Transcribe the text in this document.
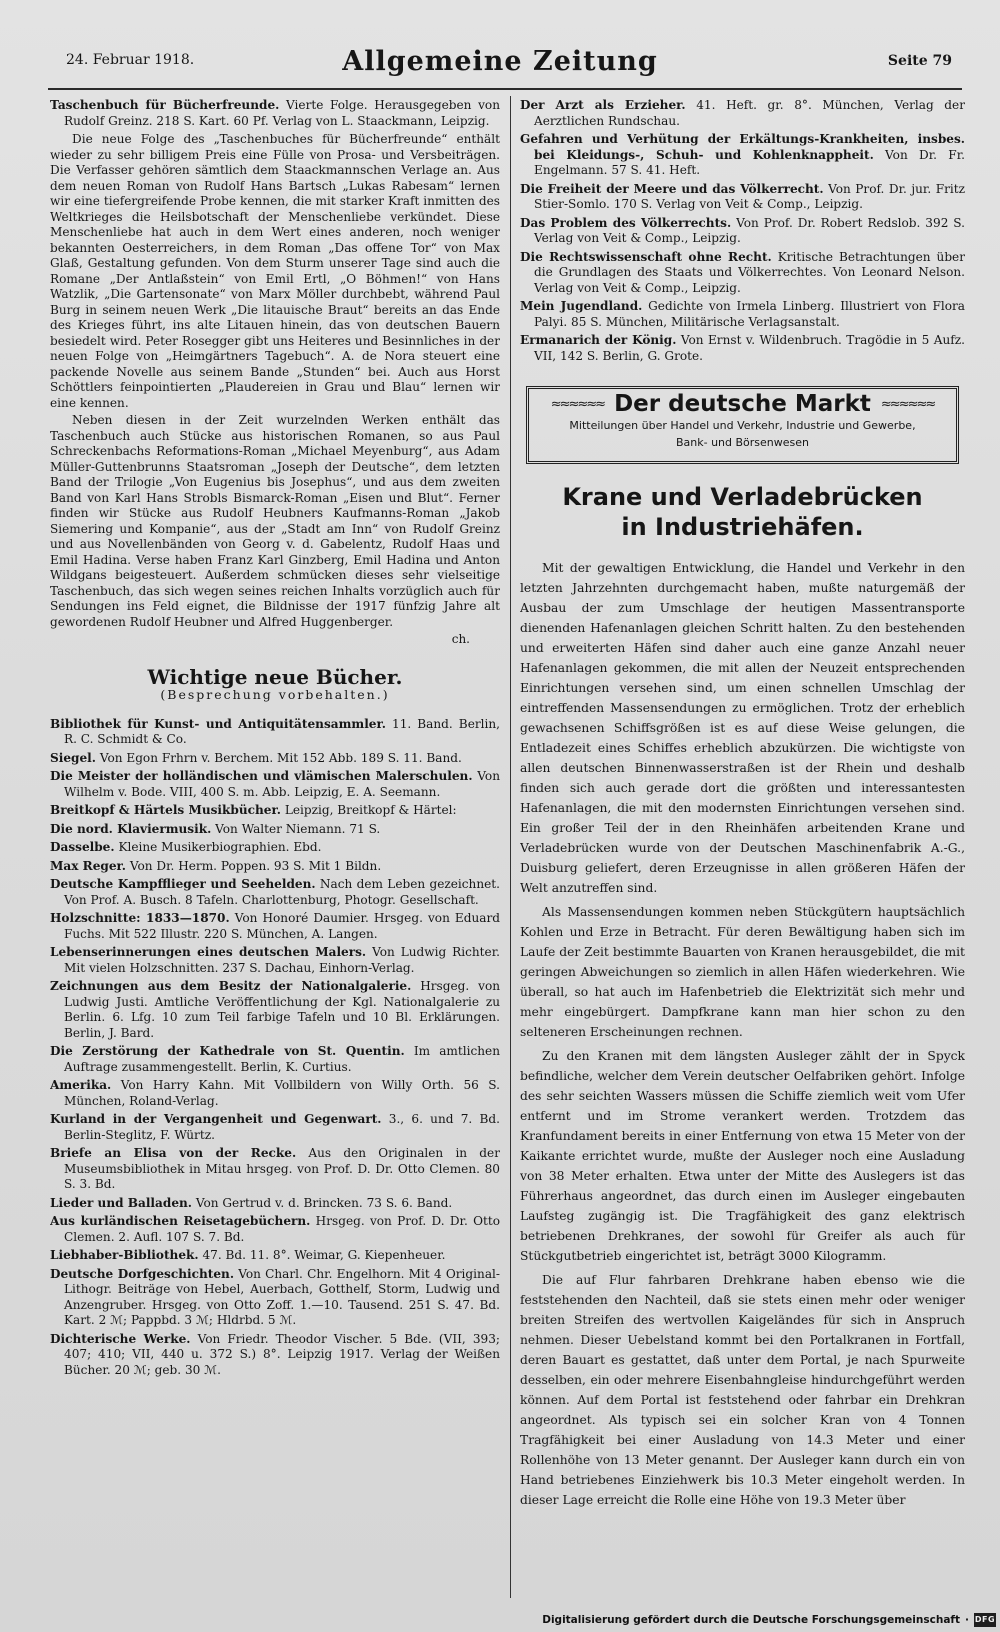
24. Februar 1918.	Allgemeine Zeitung	Seite 79

Taschenbuch für Bücherfreunde. Vierte Folge. Herausgegeben von Rudolf Greinz. 218 S. Kart. 60 Pf. Verlag von L. Staackmann, Leipzig.

Die neue Folge des „Taschenbuches für Bücherfreunde“ enthält wieder zu sehr billigem Preis eine Fülle von Prosa- und Versbeiträgen. Die Verfasser gehören sämtlich dem Staackmannschen Verlage an. Aus dem neuen Roman von Rudolf Hans Bartsch „Lukas Rabesam“ lernen wir eine tiefergreifende Probe kennen, die mit starker Kraft inmitten des Weltkrieges die Heilsbotschaft der Menschenliebe verkündet. Diese Menschenliebe hat auch in dem Wert eines anderen, noch weniger bekannten Oesterreichers, in dem Roman „Das offene Tor“ von Max Glaß, Gestaltung gefunden. Von dem Sturm unserer Tage sind auch die Romane „Der Antlaßstein“ von Emil Ertl, „O Böhmen!“ von Hans Watzlik, „Die Gartensonate“ von Marx Möller durchbebt, während Paul Burg in seinem neuen Werk „Die litauische Braut“ bereits an das Ende des Krieges führt, ins alte Litauen hinein, das von deutschen Bauern besiedelt wird. Peter Rosegger gibt uns Heiteres und Besinnliches in der neuen Folge von „Heimgärtners Tagebuch“. A. de Nora steuert eine packende Novelle aus seinem Bande „Stunden“ bei. Auch aus Horst Schöttlers feinpointierten „Plaudereien in Grau und Blau“ lernen wir eine kennen.

Neben diesen in der Zeit wurzelnden Werken enthält das Taschenbuch auch Stücke aus historischen Romanen, so aus Paul Schreckenbachs Reformations-Roman „Michael Meyenburg“, aus Adam Müller-Guttenbrunns Staatsroman „Joseph der Deutsche“, dem letzten Band der Trilogie „Von Eugenius bis Josephus“, und aus dem zweiten Band von Karl Hans Strobls Bismarck-Roman „Eisen und Blut“. Ferner finden wir Stücke aus Rudolf Heubners Kaufmanns-Roman „Jakob Siemering und Kompanie“, aus der „Stadt am Inn“ von Rudolf Greinz und aus Novellenbänden von Georg v. d. Gabelentz, Rudolf Haas und Emil Hadina. Verse haben Franz Karl Ginzberg, Emil Hadina und Anton Wildgans beigesteuert. Außerdem schmücken dieses sehr vielseitige Taschenbuch, das sich wegen seines reichen Inhalts vorzüglich auch für Sendungen ins Feld eignet, die Bildnisse der 1917 fünfzig Jahre alt gewordenen Rudolf Heubner und Alfred Huggenberger.

ch.
Wichtige neue Bücher.
(Besprechung vorbehalten.)

Bibliothek für Kunst- und Antiquitätensammler. 11. Band. Berlin, R. C. Schmidt & Co.

Siegel. Von Egon Frhrn v. Berchem. Mit 152 Abb. 189 S. 11. Band.

Die Meister der holländischen und vlämischen Malerschulen. Von Wilhelm v. Bode. VIII, 400 S. m. Abb. Leipzig, E. A. Seemann.

Breitkopf & Härtels Musikbücher. Leipzig, Breitkopf & Härtel:

Die nord. Klaviermusik. Von Walter Niemann. 71 S.

Dasselbe. Kleine Musikerbiographien. Ebd.

Max Reger. Von Dr. Herm. Poppen. 93 S. Mit 1 Bildn.

Deutsche Kampfflieger und Seehelden. Nach dem Leben gezeichnet. Von Prof. A. Busch. 8 Tafeln. Charlottenburg, Photogr. Gesellschaft.

Holzschnitte: 1833—1870. Von Honoré Daumier. Hrsgeg. von Eduard Fuchs. Mit 522 Illustr. 220 S. München, A. Langen.

Lebenserinnerungen eines deutschen Malers. Von Ludwig Richter. Mit vielen Holzschnitten. 237 S. Dachau, Einhorn-Verlag.

Zeichnungen aus dem Besitz der Nationalgalerie. Hrsgeg. von Ludwig Justi. Amtliche Veröffentlichung der Kgl. Nationalgalerie zu Berlin. 6. Lfg. 10 zum Teil farbige Tafeln und 10 Bl. Erklärungen. Berlin, J. Bard.

Die Zerstörung der Kathedrale von St. Quentin. Im amtlichen Auftrage zusammengestellt. Berlin, K. Curtius.

Amerika. Von Harry Kahn. Mit Vollbildern von Willy Orth. 56 S. München, Roland-Verlag.

Kurland in der Vergangenheit und Gegenwart. 3., 6. und 7. Bd. Berlin-Steglitz, F. Würtz.

Briefe an Elisa von der Recke. Aus den Originalen in der Museumsbibliothek in Mitau hrsgeg. von Prof. D. Dr. Otto Clemen. 80 S. 3. Bd.

Lieder und Balladen. Von Gertrud v. d. Brincken. 73 S. 6. Band.

Aus kurländischen Reisetagebüchern. Hrsgeg. von Prof. D. Dr. Otto Clemen. 2. Aufl. 107 S. 7. Bd.

Liebhaber-Bibliothek. 47. Bd. 11. 8°. Weimar, G. Kiepenheuer.

Deutsche Dorfgeschichten. Von Charl. Chr. Engelhorn. Mit 4 Original-Lithogr. Beiträge von Hebel, Auerbach, Gotthelf, Storm, Ludwig und Anzengruber. Hrsgeg. von Otto Zoff. 1.—10. Tausend. 251 S. 47. Bd. Kart. 2 ℳ; Pappbd. 3 ℳ; Hldrbd. 5 ℳ.

Dichterische Werke. Von Friedr. Theodor Vischer. 5 Bde. (VII, 393; 407; 410; VII, 440 u. 372 S.) 8°. Leipzig 1917. Verlag der Weißen Bücher. 20 ℳ; geb. 30 ℳ.

Der Arzt als Erzieher. 41. Heft. gr. 8°. München, Verlag der Aerztlichen Rundschau.

Gefahren und Verhütung der Erkältungs-Krankheiten, insbes. bei Kleidungs-, Schuh- und Kohlenknappheit. Von Dr. Fr. Engelmann. 57 S. 41. Heft.

Die Freiheit der Meere und das Völkerrecht. Von Prof. Dr. jur. Fritz Stier-Somlo. 170 S. Verlag von Veit & Comp., Leipzig.

Das Problem des Völkerrechts. Von Prof. Dr. Robert Redslob. 392 S. Verlag von Veit & Comp., Leipzig.

Die Rechtswissenschaft ohne Recht. Kritische Betrachtungen über die Grundlagen des Staats und Völkerrechtes. Von Leonard Nelson. Verlag von Veit & Comp., Leipzig.

Mein Jugendland. Gedichte von Irmela Linberg. Illustriert von Flora Palyi. 85 S. München, Militärische Verlagsanstalt.

Ermanarich der König. Von Ernst v. Wildenbruch. Tragödie in 5 Aufz. VII, 142 S. Berlin, G. Grote.

≈≈≈≈≈≈ Der deutsche Markt ≈≈≈≈≈≈
Mitteilungen über Handel und Verkehr, Industrie und Gewerbe,
Bank- und Börsenwesen
Krane und Verladebrücken
in Industriehäfen.

Mit der gewaltigen Entwicklung, die Handel und Verkehr in den letzten Jahrzehnten durchgemacht haben, mußte naturgemäß der Ausbau der zum Umschlage der heutigen Massentransporte dienenden Hafenanlagen gleichen Schritt halten. Zu den bestehenden und erweiterten Häfen sind daher auch eine ganze Anzahl neuer Hafenanlagen gekommen, die mit allen der Neuzeit entsprechenden Einrichtungen versehen sind, um einen schnellen Umschlag der eintreffenden Massensendungen zu ermöglichen. Trotz der erheblich gewachsenen Schiffsgrößen ist es auf diese Weise gelungen, die Entladezeit eines Schiffes erheblich abzukürzen. Die wichtigste von allen deutschen Binnenwasserstraßen ist der Rhein und deshalb finden sich auch gerade dort die größten und interessantesten Hafenanlagen, die mit den modernsten Einrichtungen versehen sind. Ein großer Teil der in den Rheinhäfen arbeitenden Krane und Verladebrücken wurde von der Deutschen Maschinenfabrik A.-G., Duisburg geliefert, deren Erzeugnisse in allen größeren Häfen der Welt anzutreffen sind.

Als Massensendungen kommen neben Stückgütern hauptsächlich Kohlen und Erze in Betracht. Für deren Bewältigung haben sich im Laufe der Zeit bestimmte Bauarten von Kranen herausgebildet, die mit geringen Abweichungen so ziemlich in allen Häfen wiederkehren. Wie überall, so hat auch im Hafenbetrieb die Elektrizität sich mehr und mehr eingebürgert. Dampfkrane kann man hier schon zu den selteneren Erscheinungen rechnen.

Zu den Kranen mit dem längsten Ausleger zählt der in Spyck befindliche, welcher dem Verein deutscher Oelfabriken gehört. Infolge des sehr seichten Wassers müssen die Schiffe ziemlich weit vom Ufer entfernt und im Strome verankert werden. Trotzdem das Kranfundament bereits in einer Entfernung von etwa 15 Meter von der Kaikante errichtet wurde, mußte der Ausleger noch eine Ausladung von 38 Meter erhalten. Etwa unter der Mitte des Auslegers ist das Führerhaus angeordnet, das durch einen im Ausleger eingebauten Laufsteg zugängig ist. Die Tragfähigkeit des ganz elektrisch betriebenen Drehkranes, der sowohl für Greifer als auch für Stückgutbetrieb eingerichtet ist, beträgt 3000 Kilogramm.

Die auf Flur fahrbaren Drehkrane haben ebenso wie die feststehenden den Nachteil, daß sie stets einen mehr oder weniger breiten Streifen des wertvollen Kaigeländes für sich in Anspruch nehmen. Dieser Uebelstand kommt bei den Portalkranen in Fortfall, deren Bauart es gestattet, daß unter dem Portal, je nach Spurweite desselben, ein oder mehrere Eisenbahngleise hindurchgeführt werden können. Auf dem Portal ist feststehend oder fahrbar ein Drehkran angeordnet. Als typisch sei ein solcher Kran von 4 Tonnen Tragfähigkeit bei einer Ausladung von 14.3 Meter und einer Rollenhöhe von 13 Meter genannt. Der Ausleger kann durch ein von Hand betriebenes Einziehwerk bis 10.3 Meter eingeholt werden. In dieser Lage erreicht die Rolle eine Höhe von 19.3 Meter über

Digitalisierung gefördert durch die Deutsche Forschungsgemeinschaft · DFG
